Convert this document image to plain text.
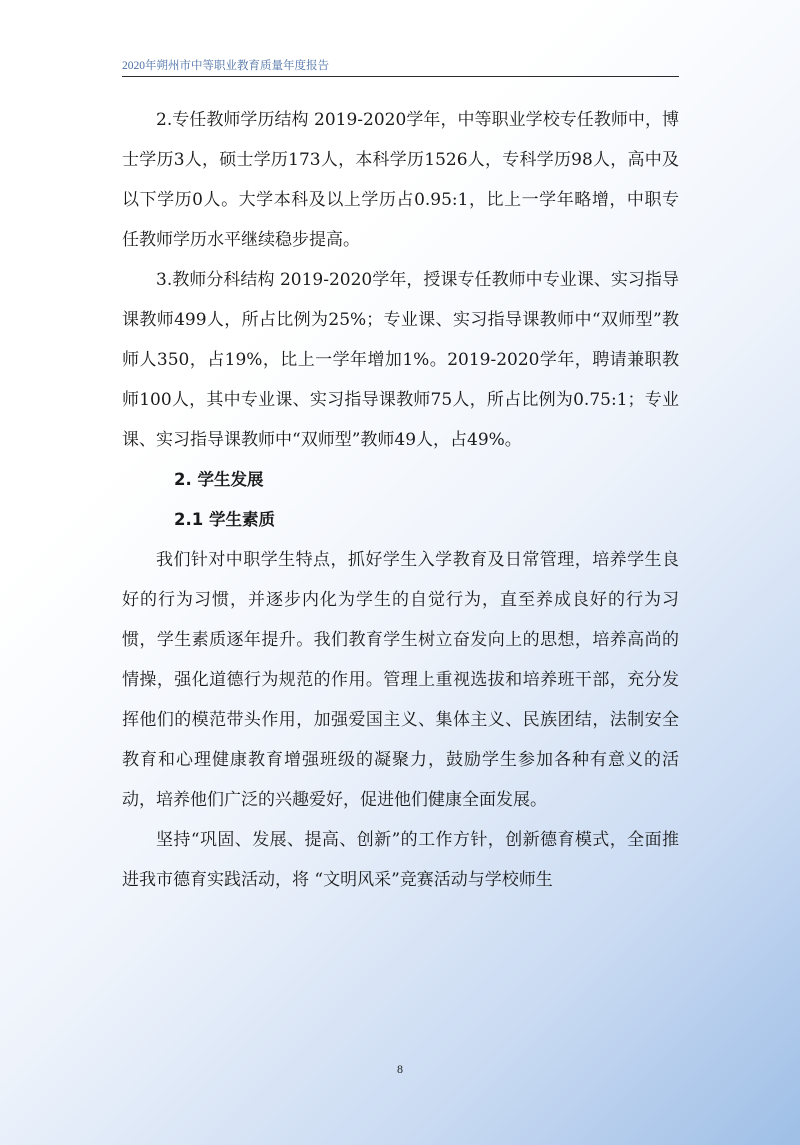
2020年朔州市中等职业教育质量年度报告

2.专任教师学历结构 2019-2020学年，中等职业学校专任教师中，博士学历3人，硕士学历173人，本科学历1526人，专科学历98人，高中及以下学历0人。大学本科及以上学历占0.95:1，比上一学年略增，中职专任教师学历水平继续稳步提高。

3.教师分科结构 2019-2020学年，授课专任教师中专业课、实习指导课教师499人，所占比例为25%；专业课、实习指导课教师中“双师型”教师人350，占19%，比上一学年增加1%。2019-2020学年，聘请兼职教师100人，其中专业课、实习指导课教师75人，所占比例为0.75:1；专业课、实习指导课教师中“双师型”教师49人，占49%。

2. 学生发展
2.1 学生素质

我们针对中职学生特点，抓好学生入学教育及日常管理，培养学生良好的行为习惯，并逐步内化为学生的自觉行为，直至养成良好的行为习惯，学生素质逐年提升。我们教育学生树立奋发向上的思想，培养高尚的情操，强化道德行为规范的作用。管理上重视选拔和培养班干部，充分发挥他们的模范带头作用，加强爱国主义、集体主义、民族团结，法制安全教育和心理健康教育增强班级的凝聚力，鼓励学生参加各种有意义的活动，培养他们广泛的兴趣爱好，促进他们健康全面发展。

坚持“巩固、发展、提高、创新”的工作方针，创新德育模式，全面推进我市德育实践活动，将 “文明风采”竞赛活动与学校师生

8
